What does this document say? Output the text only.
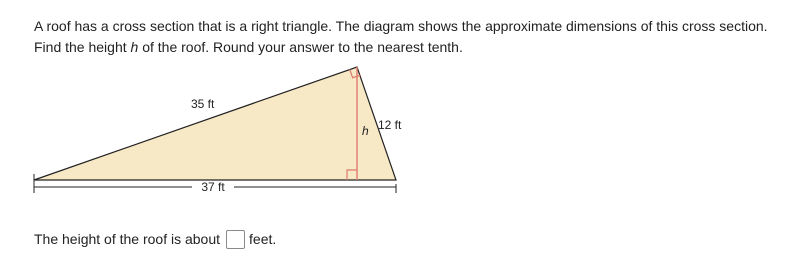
A roof has a cross section that is a right triangle. The diagram shows the approximate dimensions of this cross section. Find the height h of the roof. Round your answer to the nearest tenth.

35 ft
12 ft
h
37 ft
The height of the roof is about feet.
